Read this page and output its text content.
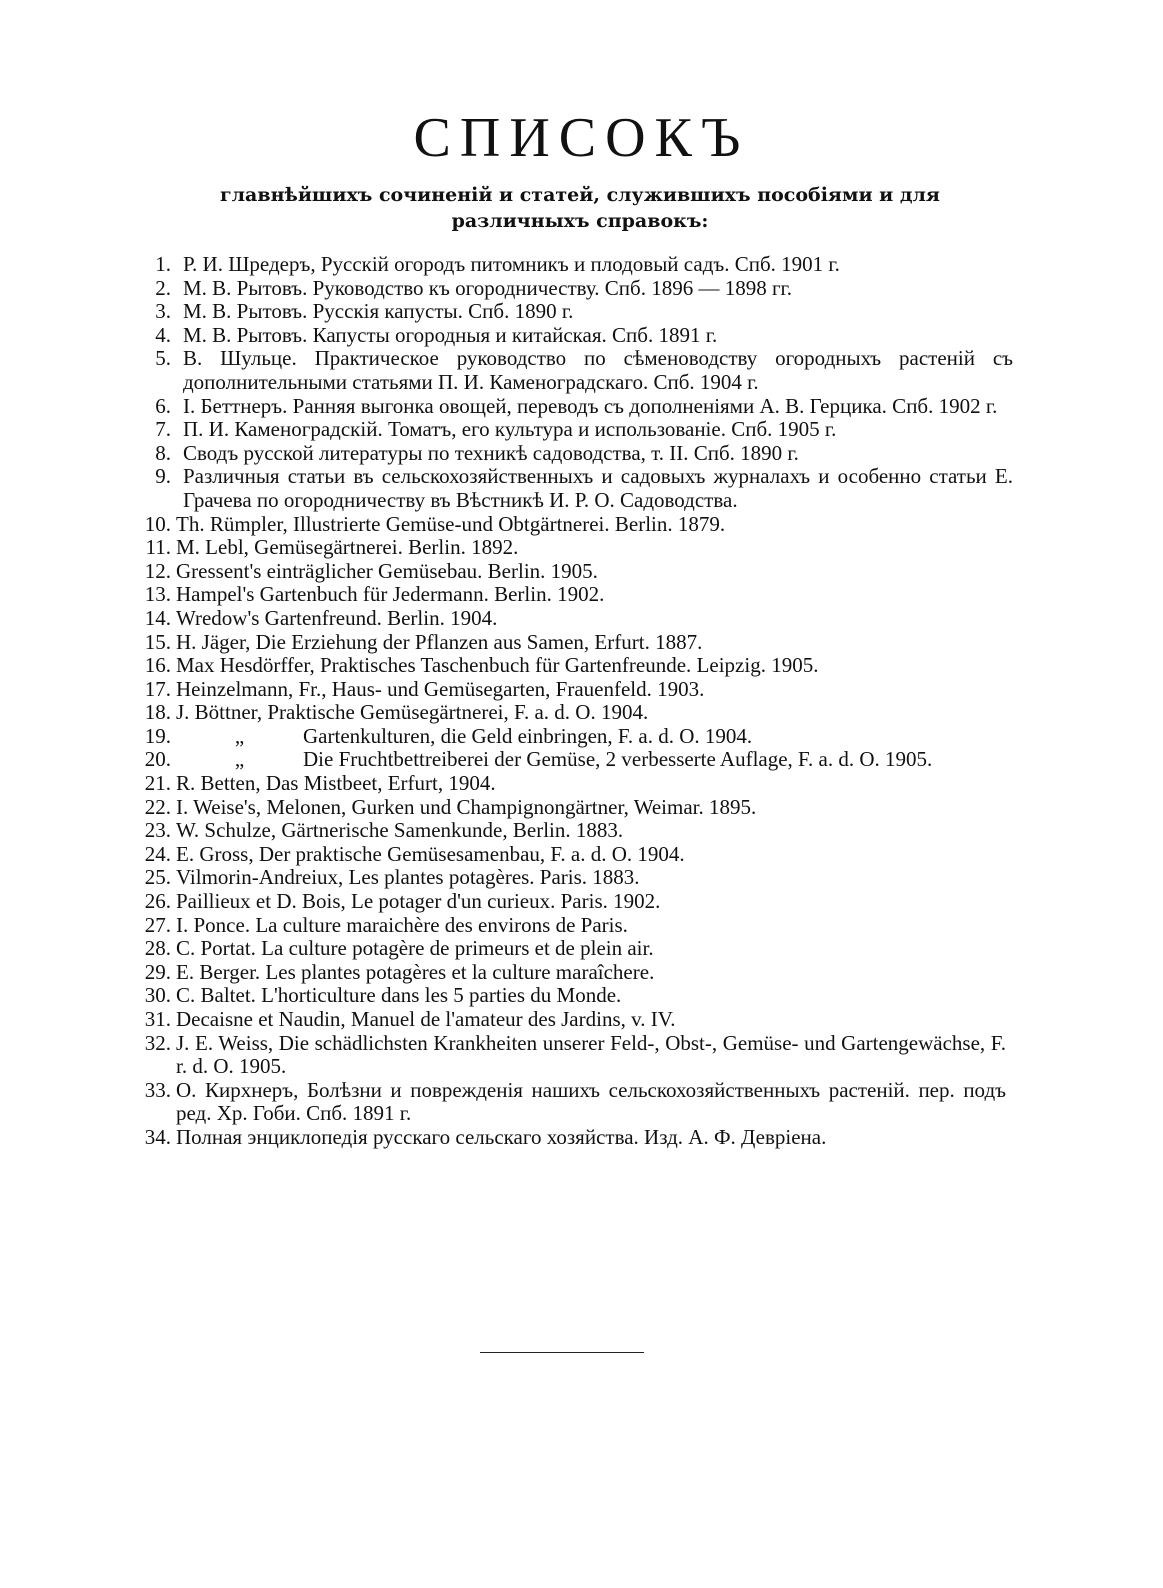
СПИСОКЪ

главнѣйшихъ сочиненій и статей, служившихъ пособіями и для различныхъ справокъ:

1. Р. И. Шредеръ, Русскій огородъ питомникъ и плодовый садъ. Спб. 1901 г.
2. М. В. Рытовъ. Руководство къ огородничеству. Спб. 1896 — 1898 гг.
3. М. В. Рытовъ. Русскія капусты. Спб. 1890 г.
4. М. В. Рытовъ. Капусты огородныя и китайская. Спб. 1891 г.
5. В. Шульце. Практическое руководство по сѣменоводству огородныхъ растеній съ дополнительными статьями П. И. Каменоградскаго. Спб. 1904 г.
6. I. Беттнеръ. Ранняя выгонка овощей, переводъ съ дополненіями А. В. Герцика. Спб. 1902 г.
7. П. И. Каменоградскій. Томатъ, его культура и использованіе. Спб. 1905 г.
8. Сводъ русской литературы по техникѣ садоводства, т. II. Спб. 1890 г.
9. Различныя статьи въ сельскохозяйственныхъ и садовыхъ журналахъ и особенно статьи Е. Грачева по огородничеству въ Вѣстникѣ И. Р. О. Садоводства.
10. Th. Rümpler, Illustrierte Gemüse-und Obtgärtnerei. Berlin. 1879.
11. M. Lebl, Gemüsegärtnerei. Berlin. 1892.
12. Gressent's einträglicher Gemüsebau. Berlin. 1905.
13. Hampel's Gartenbuch für Jedermann. Berlin. 1902.
14. Wredow's Gartenfreund. Berlin. 1904.
15. H. Jäger, Die Erziehung der Pflanzen aus Samen, Erfurt. 1887.
16. Max Hesdörffer, Praktisches Taschenbuch für Gartenfreunde. Leipzig. 1905.
17. Heinzelmann, Fr., Haus- und Gemüsegarten, Frauenfeld. 1903.
18. J. Böttner, Praktische Gemüsegärtnerei, F. a. d. O. 1904.
19.	„	Gartenkulturen, die Geld einbringen, F. a. d. O. 1904.
20.	„	Die Fruchtbettreiberei der Gemüse, 2 verbesserte Auflage, F. a. d. O. 1905.
21. R. Betten, Das Mistbeet, Erfurt, 1904.
22. I. Weise's, Melonen, Gurken und Champignongärtner, Weimar. 1895.
23. W. Schulze, Gärtnerische Samenkunde, Berlin. 1883.
24. E. Gross, Der praktische Gemüsesamenbau, F. a. d. O. 1904.
25. Vilmorin-Andreiux, Les plantes potagères. Paris. 1883.
26. Paillieux et D. Bois, Le potager d'un curieux. Paris. 1902.
27. I. Ponce. La culture maraichère des environs de Paris.
28. C. Portat. La culture potagère de primeurs et de plein air.
29. E. Berger. Les plantes potagères et la culture maraîchere.
30. C. Baltet. L'horticulture dans les 5 parties du Monde.
31. Decaisne et Naudin, Manuel de l'amateur des Jardins, v. IV.
32. J. E. Weiss, Die schädlichsten Krankheiten unserer Feld-, Obst-, Gemüse- und Gartengewächse, F. r. d. O. 1905.
33. О. Кирхнеръ, Болѣзни и поврежденія нашихъ сельскохозяйственныхъ растеній. пер. подъ ред. Хр. Гоби. Спб. 1891 г.
34. Полная энциклопедія русскаго сельскаго хозяйства. Изд. А. Ф. Девріена.
